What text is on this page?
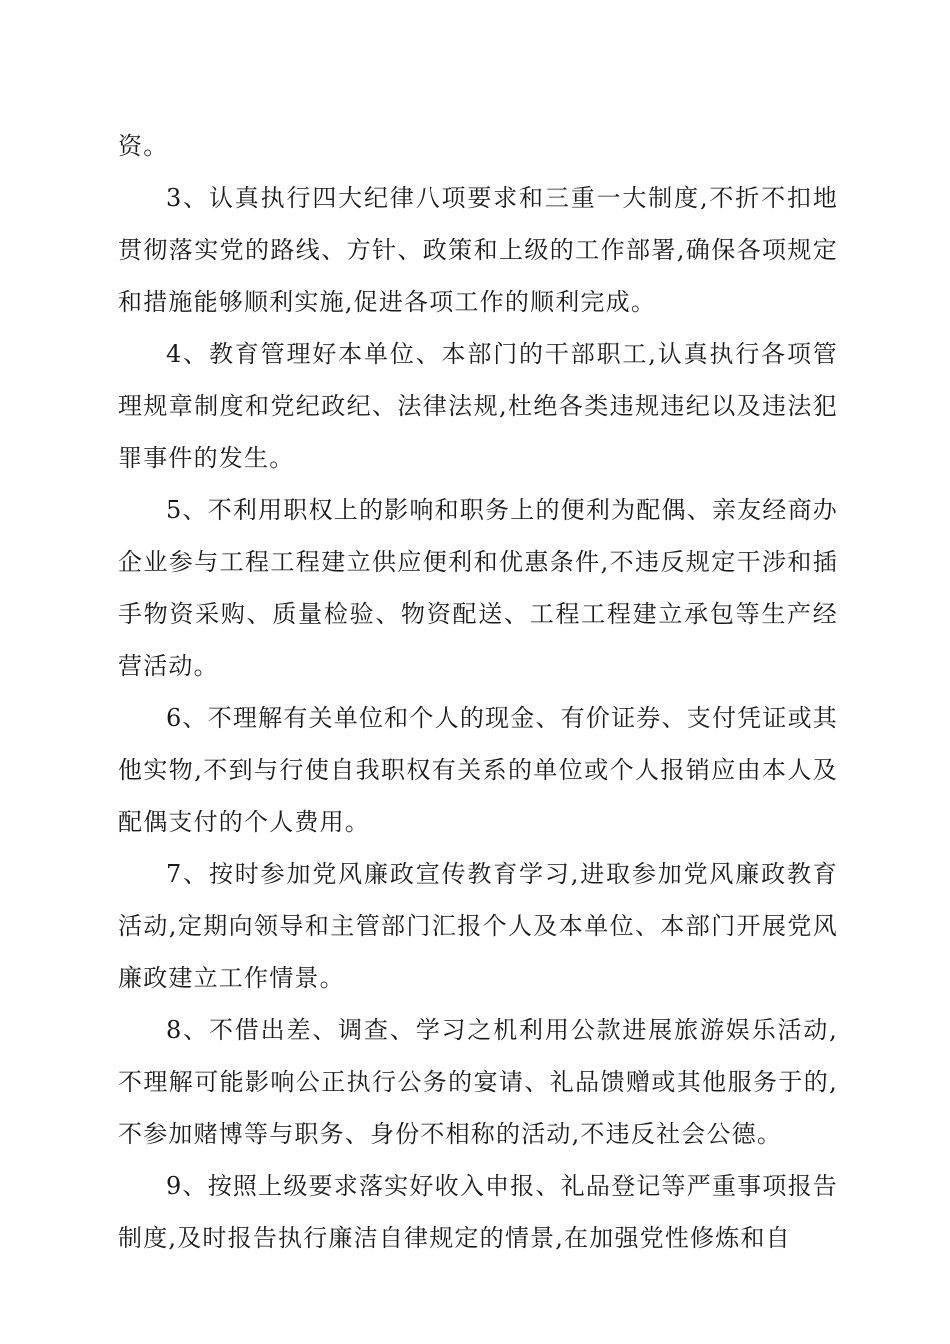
资。

3、认真执行四大纪律八项要求和三重一大制度,不折不扣地贯彻落实党的路线、方针、政策和上级的工作部署,确保各项规定和措施能够顺利实施,促进各项工作的顺利完成。

4、教育管理好本单位、本部门的干部职工,认真执行各项管理规章制度和党纪政纪、法律法规,杜绝各类违规违纪以及违法犯罪事件的发生。

5、不利用职权上的影响和职务上的便利为配偶、亲友经商办企业参与工程工程建立供应便利和优惠条件,不违反规定干涉和插手物资采购、质量检验、物资配送、工程工程建立承包等生产经营活动。

6、不理解有关单位和个人的现金、有价证券、支付凭证或其他实物,不到与行使自我职权有关系的单位或个人报销应由本人及配偶支付的个人费用。

7、按时参加党风廉政宣传教育学习,进取参加党风廉政教育活动,定期向领导和主管部门汇报个人及本单位、本部门开展党风廉政建立工作情景。

8、不借出差、调查、学习之机利用公款进展旅游娱乐活动,不理解可能影响公正执行公务的宴请、礼品馈赠或其他服务于的,不参加赌博等与职务、身份不相称的活动,不违反社会公德。

9、按照上级要求落实好收入申报、礼品登记等严重事项报告制度,及时报告执行廉洁自律规定的情景,在加强党性修炼和自
